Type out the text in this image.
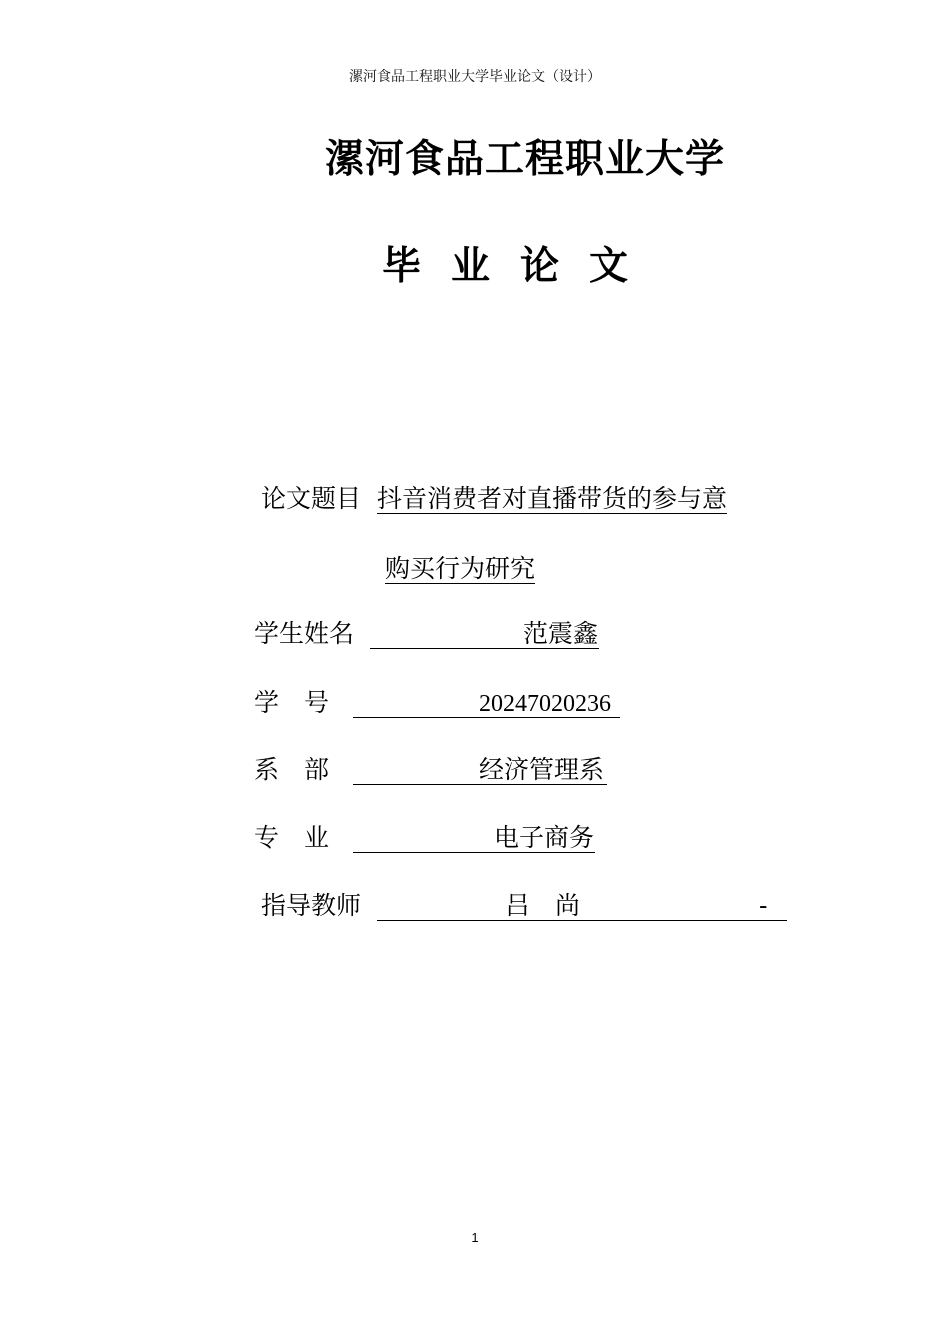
漯河食品工程职业大学毕业论文（设计）
漯河食品工程职业大学
毕业论文
论文题目 抖音消费者对直播带货的参与意
购买行为研究
学生姓名	范震鑫
学　号	20247020236
系　部	经济管理系
专　业	电子商务
指导教师	吕　尚	-
1
